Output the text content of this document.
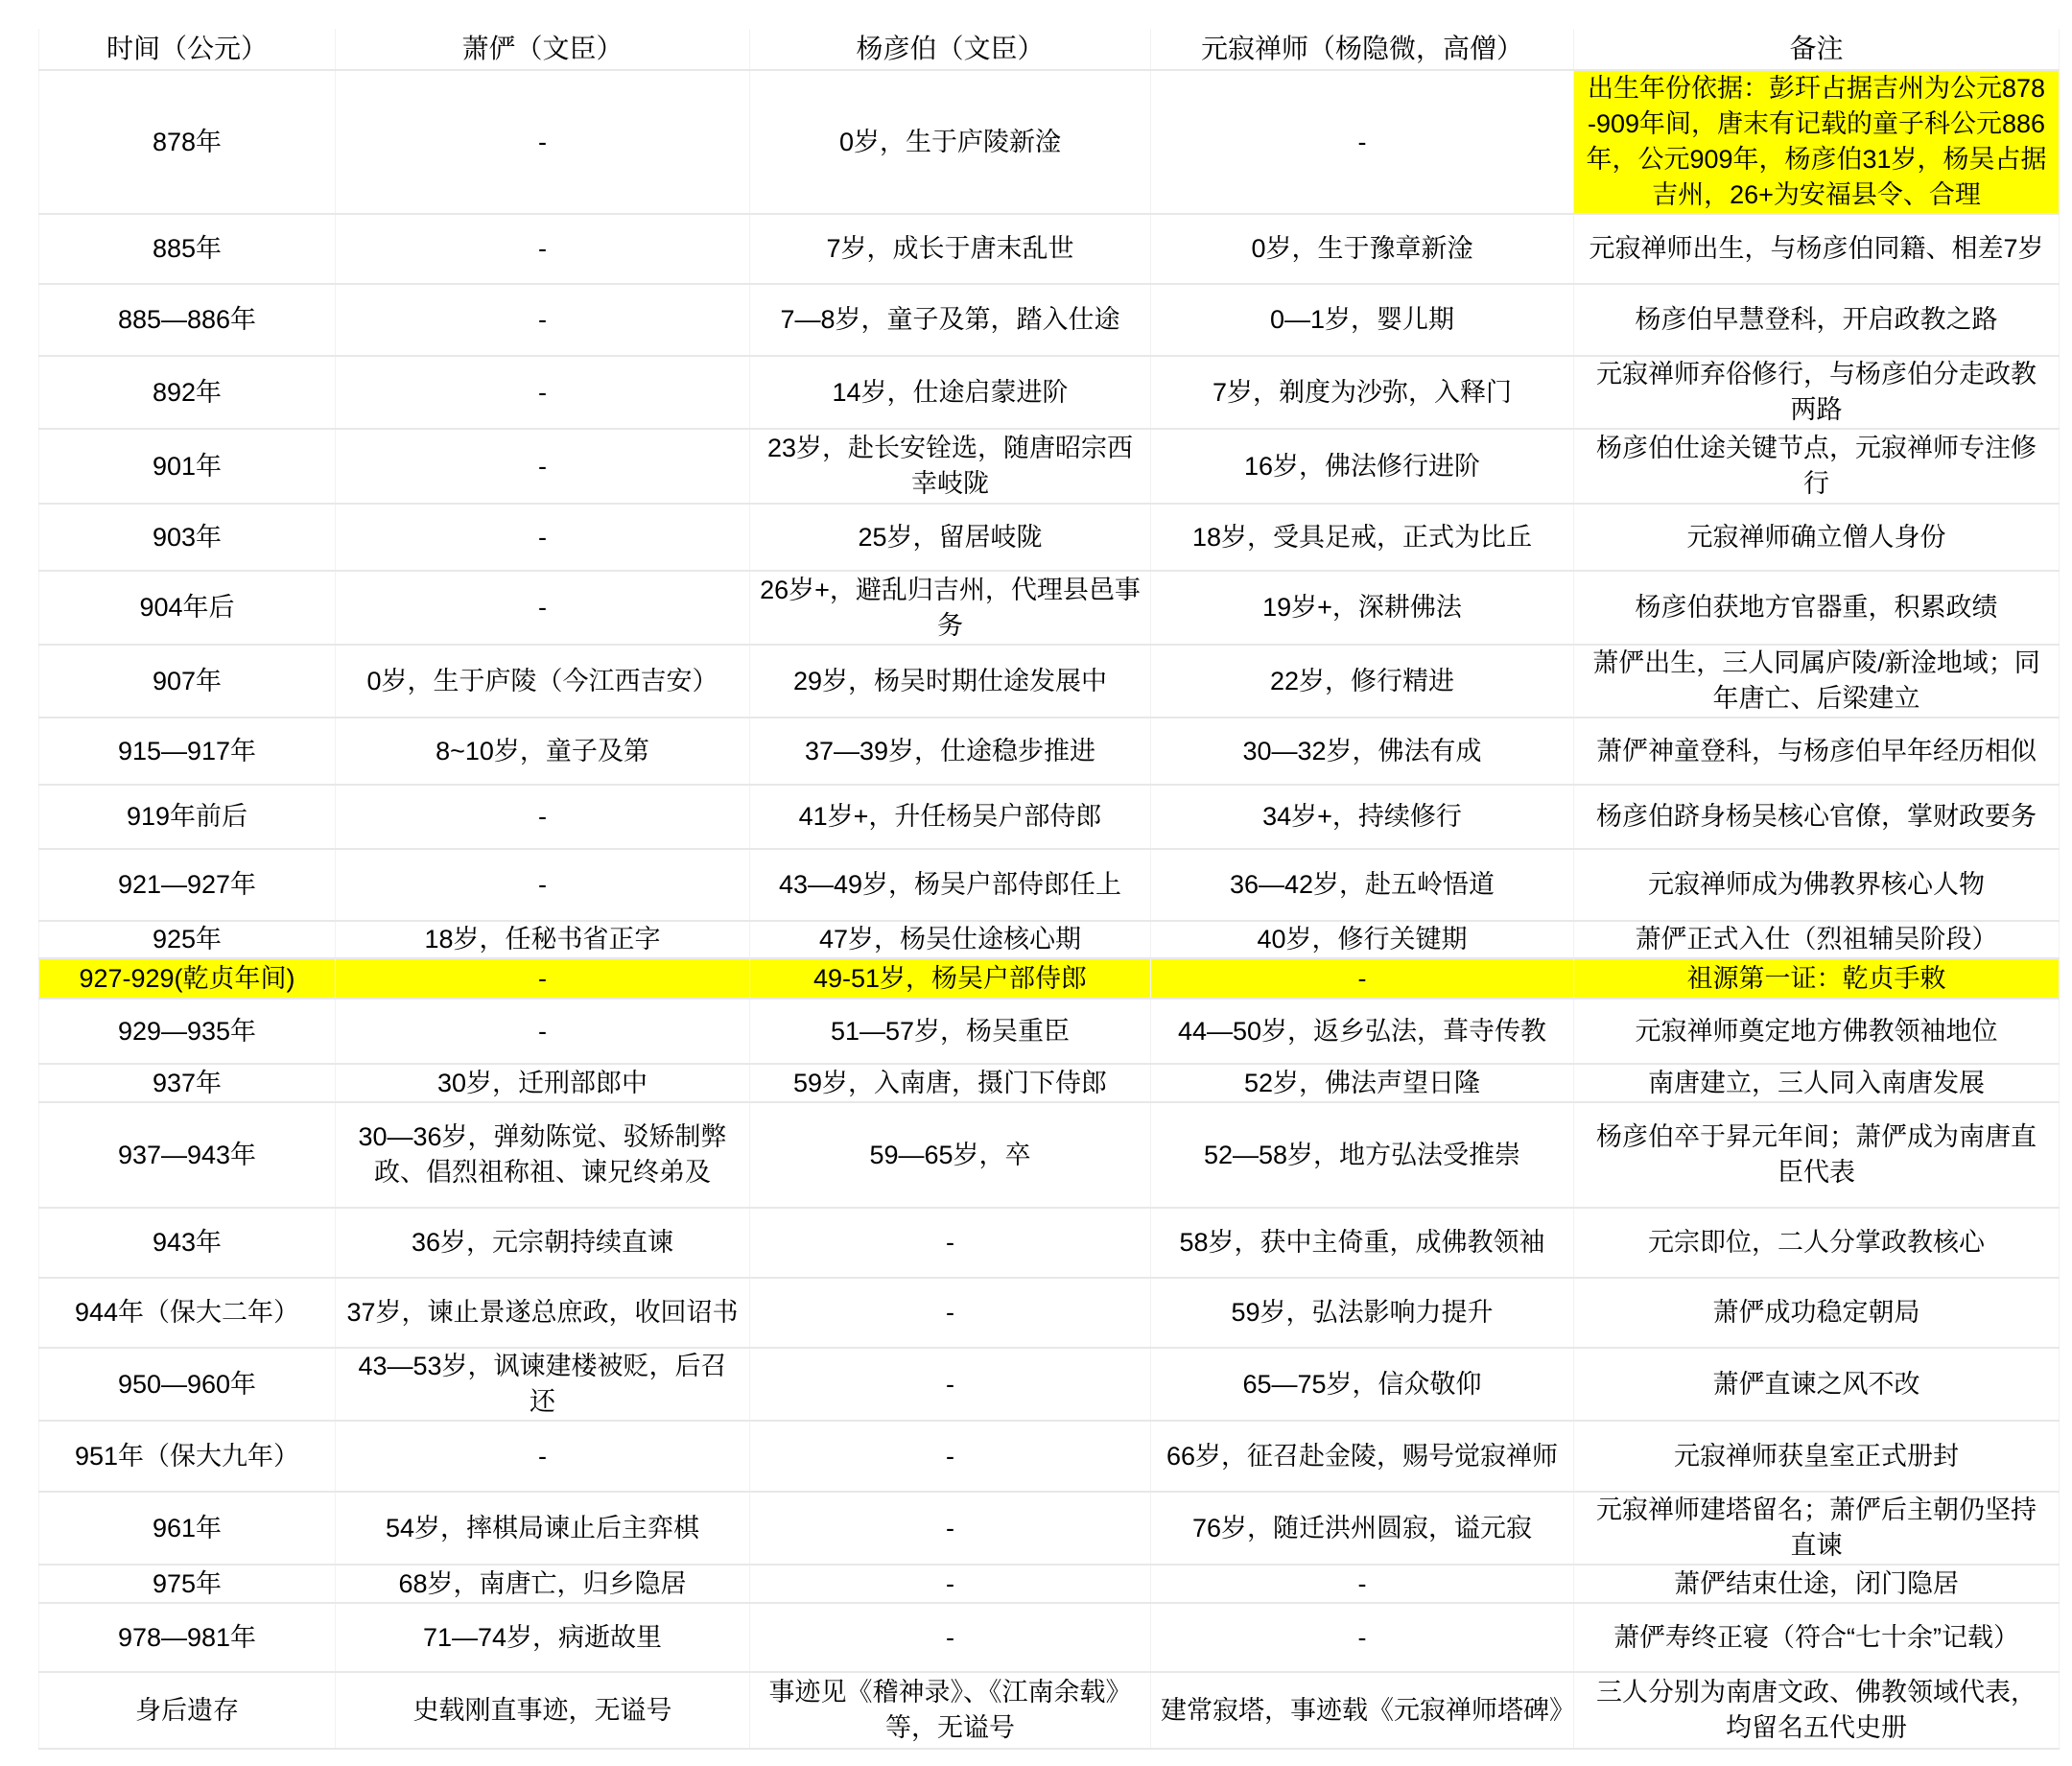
时间（公元）	萧俨（文臣）	杨彦伯（文臣）	元寂禅师（杨隐微，高僧）	备注
878年	-	0岁，生于庐陵新淦	-	出生年份依据：彭玕占据吉州为公元878-909年间，唐末有记载的童子科公元886年，公元909年，杨彦伯31岁，杨吴占据吉州，26+为安福县令、合理
885年	-	7岁，成长于唐末乱世	0岁，生于豫章新淦	元寂禅师出生，与杨彦伯同籍、相差7岁
885—886年	-	7—8岁，童子及第，踏入仕途	0—1岁，婴儿期	杨彦伯早慧登科，开启政教之路
892年	-	14岁，仕途启蒙进阶	7岁，剃度为沙弥，入释门	元寂禅师弃俗修行，与杨彦伯分走政教两路
901年	-	23岁，赴长安铨选，随唐昭宗西幸岐陇	16岁，佛法修行进阶	杨彦伯仕途关键节点，元寂禅师专注修行
903年	-	25岁，留居岐陇	18岁，受具足戒，正式为比丘	元寂禅师确立僧人身份
904年后	-	26岁+，避乱归吉州，代理县邑事务	19岁+，深耕佛法	杨彦伯获地方官器重，积累政绩
907年	0岁，生于庐陵（今江西吉安）	29岁，杨吴时期仕途发展中	22岁，修行精进	萧俨出生，三人同属庐陵/新淦地域；同年唐亡、后梁建立
915—917年	8~10岁，童子及第	37—39岁，仕途稳步推进	30—32岁，佛法有成	萧俨神童登科，与杨彦伯早年经历相似
919年前后	-	41岁+，升任杨吴户部侍郎	34岁+，持续修行	杨彦伯跻身杨吴核心官僚，掌财政要务
921—927年	-	43—49岁，杨吴户部侍郎任上	36—42岁，赴五岭悟道	元寂禅师成为佛教界核心人物
925年	18岁，任秘书省正字	47岁，杨吴仕途核心期	40岁，修行关键期	萧俨正式入仕（烈祖辅吴阶段）
927-929(乾贞年间)	-	49-51岁，杨吴户部侍郎	-	祖源第一证：乾贞手敕
929—935年	-	51—57岁，杨吴重臣	44—50岁，返乡弘法，葺寺传教	元寂禅师奠定地方佛教领袖地位
937年	30岁，迁刑部郎中	59岁，入南唐，摄门下侍郎	52岁，佛法声望日隆	南唐建立，三人同入南唐发展
937—943年	30—36岁，弹劾陈觉、驳矫制弊政、倡烈祖称祖、谏兄终弟及	59—65岁，卒	52—58岁，地方弘法受推崇	杨彦伯卒于昇元年间；萧俨成为南唐直臣代表
943年	36岁，元宗朝持续直谏	-	58岁，获中主倚重，成佛教领袖	元宗即位，二人分掌政教核心
944年（保大二年）	37岁，谏止景遂总庶政，收回诏书	-	59岁，弘法影响力提升	萧俨成功稳定朝局
950—960年	43—53岁，讽谏建楼被贬，后召还	-	65—75岁，信众敬仰	萧俨直谏之风不改
951年（保大九年）	-	-	66岁，征召赴金陵，赐号觉寂禅师	元寂禅师获皇室正式册封
961年	54岁，摔棋局谏止后主弈棋	-	76岁，随迁洪州圆寂，谥元寂	元寂禅师建塔留名；萧俨后主朝仍坚持直谏
975年	68岁，南唐亡，归乡隐居	-	-	萧俨结束仕途，闭门隐居
978—981年	71—74岁，病逝故里	-	-	萧俨寿终正寝（符合“七十余”记载）
身后遗存	史载刚直事迹，无谥号	事迹见《稽神录》、《江南余载》等，无谥号	建常寂塔，事迹载《元寂禅师塔碑》	三人分别为南唐文政、佛教领域代表，均留名五代史册
